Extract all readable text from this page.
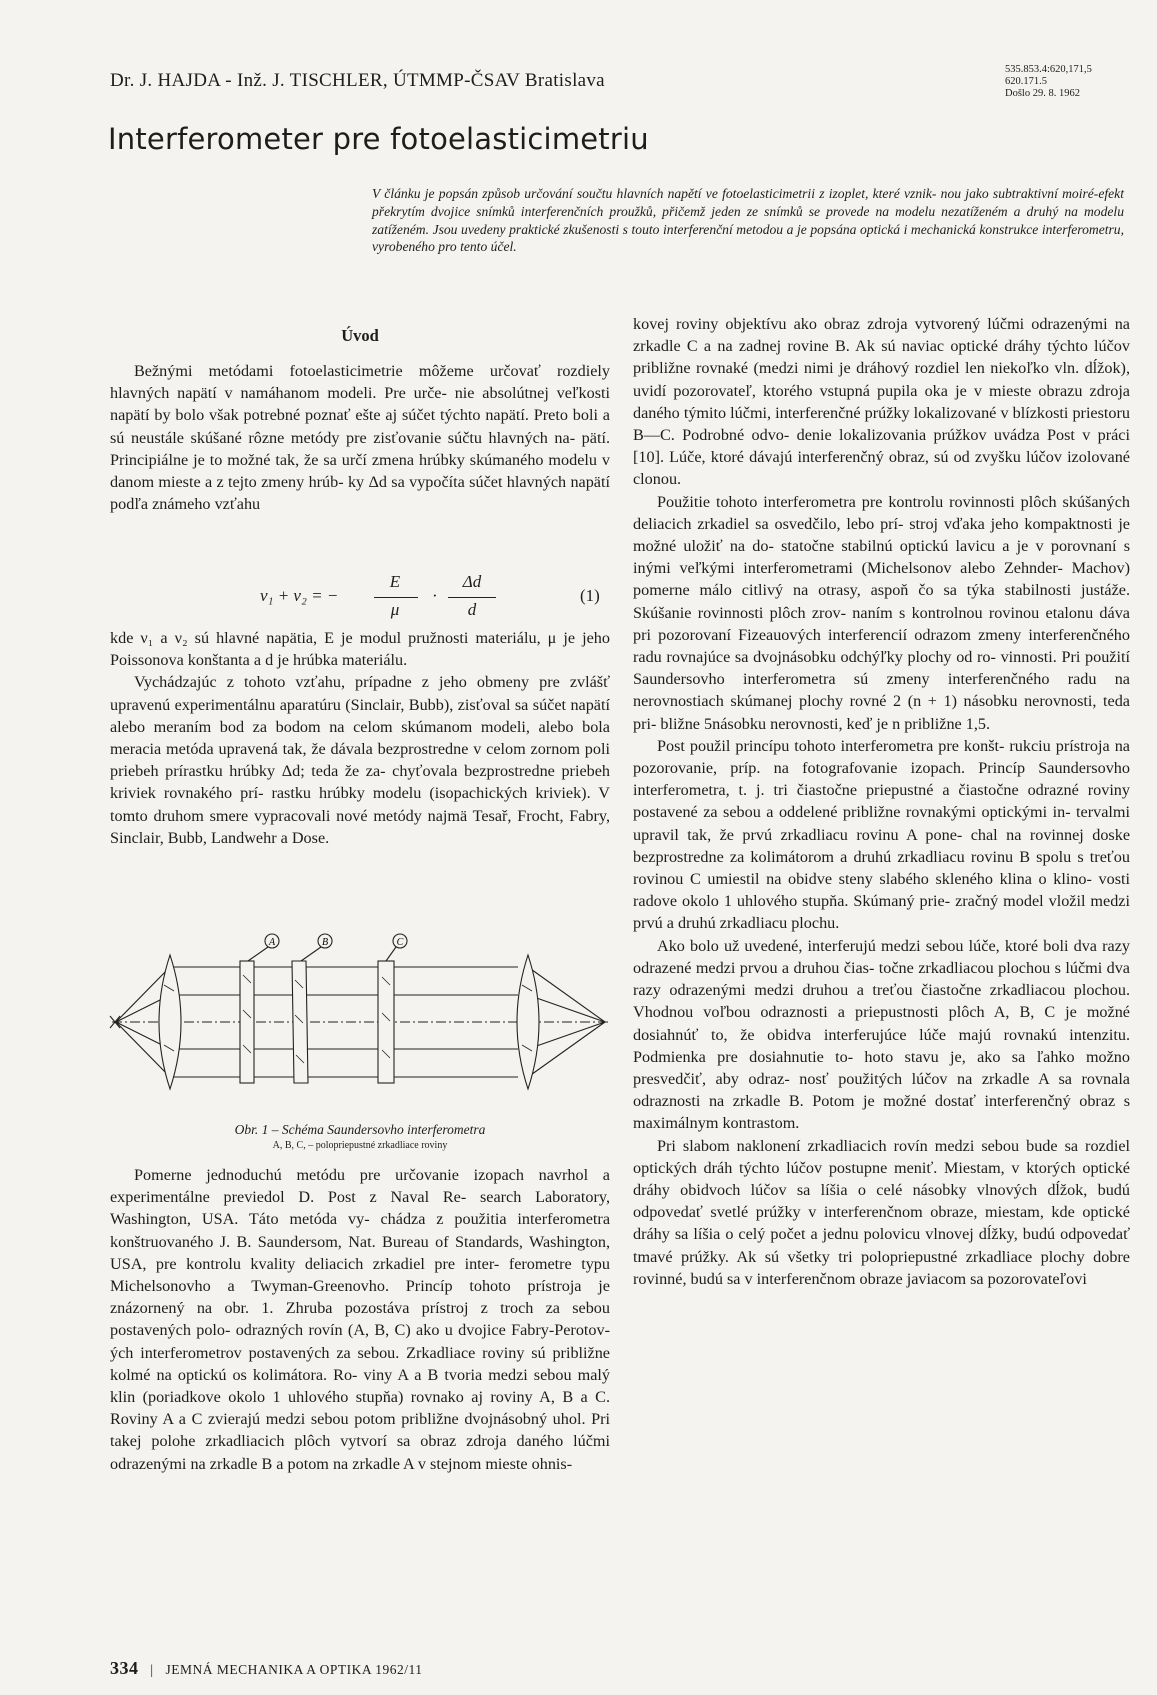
Dr. J. HAJDA - Inž. J. TISCHLER, ÚTMMP-ČSAV Bratislava
535.853.4:620,171,5
620.171.5
Došlo 29. 8. 1962
Interferometer pre fotoelasticimetriu
V článku je popsán způsob určování součtu hlavních napětí ve fotoelasticimetrii z izoplet, které vznik- nou jako subtraktivní moiré-efekt překrytím dvojice snímků interferenčních proužků, přičemž jeden ze snímků se provede na modelu nezatíženém a druhý na modelu zatíženém. Jsou uvedeny praktické zkušenosti s touto interferenční metodou a je popsána optická i mechanická konstrukce interferometru, vyrobeného pro tento účel.
Úvod

Bežnými metódami fotoelasticimetrie môžeme určovať rozdiely hlavných napätí v namáhanom modeli. Pre urče- nie absolútnej veľkosti napätí by bolo však potrebné poznať ešte aj súčet týchto napätí. Preto boli a sú neustále skúšané rôzne metódy pre zisťovanie súčtu hlavných na- pätí. Principiálne je to možné tak, že sa určí zmena hrúbky skúmaného modelu v danom mieste a z tejto zmeny hrúb- ky Δd sa vypočíta súčet hlavných napätí podľa známeho vzťahu

ν₁ + ν₂ = −
E
μ
·
Δd
d
(1)

kde ν₁ a ν₂ sú hlavné napätia, E je modul pružnosti materiálu, μ je jeho Poissonova konštanta a d je hrúbka materiálu.

Vychádzajúc z tohoto vzťahu, prípadne z jeho obmeny pre zvlášť upravenú experimentálnu aparatúru (Sinclair, Bubb), zisťoval sa súčet napätí alebo meraním bod za bodom na celom skúmanom modeli, alebo bola meracia metóda upravená tak, že dávala bezprostredne v celom zornom poli priebeh prírastku hrúbky Δd; teda že za- chyťovala bezprostredne priebeh kriviek rovnakého prí- rastku hrúbky modelu (isopachických kriviek). V tomto druhom smere vypracovali nové metódy najmä Tesař, Frocht, Fabry, Sinclair, Bubb, Landwehr a Dose.

A	B	C
Obr. 1 – Schéma Saundersovho interferometra
A, B, C, – polopriepustné zrkadliace roviny

Pomerne jednoduchú metódu pre určovanie izopach navrhol a experimentálne previedol D. Post z Naval Re- search Laboratory, Washington, USA. Táto metóda vy- chádza z použitia interferometra konštruovaného J. B. Saundersom, Nat. Bureau of Standards, Washington, USA, pre kontrolu kvality deliacich zrkadiel pre inter- ferometre typu Michelsonovho a Twyman-Greenovho. Princíp tohoto prístroja je znázornený na obr. 1. Zhruba pozostáva prístroj z troch za sebou postavených polo- odrazných rovín (A, B, C) ako u dvojice Fabry-Perotov- ých interferometrov postavených za sebou. Zrkadliace roviny sú približne kolmé na optickú os kolimátora. Ro- viny A a B tvoria medzi sebou malý klin (poriadkove okolo 1 uhlového stupňa) rovnako aj roviny A, B a C. Roviny A a C zvierajú medzi sebou potom približne dvojnásobný uhol. Pri takej polohe zrkadliacich plôch vytvorí sa obraz zdroja daného lúčmi odrazenými na zrkadle B a potom na zrkadle A v stejnom mieste ohnis-

kovej roviny objektívu ako obraz zdroja vytvorený lúčmi odrazenými na zrkadle C a na zadnej rovine B. Ak sú naviac optické dráhy týchto lúčov približne rovnaké (medzi nimi je dráhový rozdiel len niekoľko vln. dĺžok), uvidí pozorovateľ, ktorého vstupná pupila oka je v mieste obrazu zdroja daného týmito lúčmi, interferenčné prúžky lokalizované v blízkosti priestoru B—C. Podrobné odvo- denie lokalizovania prúžkov uvádza Post v práci [10]. Lúče, ktoré dávajú interferenčný obraz, sú od zvyšku lúčov izolované clonou.

Použitie tohoto interferometra pre kontrolu rovinnosti plôch skúšaných deliacich zrkadiel sa osvedčilo, lebo prí- stroj vďaka jeho kompaktnosti je možné uložiť na do- statočne stabilnú optickú lavicu a je v porovnaní s inými veľkými interferometrami (Michelsonov alebo Zehnder- Machov) pomerne málo citlivý na otrasy, aspoň čo sa týka stabilnosti justáže. Skúšanie rovinnosti plôch zrov- naním s kontrolnou rovinou etalonu dáva pri pozorovaní Fizeauových interferencií odrazom zmeny interferenčného radu rovnajúce sa dvojnásobku odchýľky plochy od ro- vinnosti. Pri použití Saundersovho interferometra sú zmeny interferenčného radu na nerovnostiach skúmanej plochy rovné 2 (n + 1) násobku nerovnosti, teda pri- bližne 5násobku nerovnosti, keď je n približne 1,5.

Post použil princípu tohoto interferometra pre konšt- rukciu prístroja na pozorovanie, príp. na fotografovanie izopach. Princíp Saundersovho interferometra, t. j. tri čiastočne priepustné a čiastočne odrazné roviny postavené za sebou a oddelené približne rovnakými optickými in- tervalmi upravil tak, že prvú zrkadliacu rovinu A pone- chal na rovinnej doske bezprostredne za kolimátorom a druhú zrkadliacu rovinu B spolu s treťou rovinou C umiestil na obidve steny slabého skleného klina o klino- vosti radove okolo 1 uhlového stupňa. Skúmaný prie- zračný model vložil medzi prvú a druhú zrkadliacu plochu.

Ako bolo už uvedené, interferujú medzi sebou lúče, ktoré boli dva razy odrazené medzi prvou a druhou čias- točne zrkadliacou plochou s lúčmi dva razy odrazenými medzi druhou a treťou čiastočne zrkadliacou plochou. Vhodnou voľbou odraznosti a priepustnosti plôch A, B, C je možné dosiahnúť to, že obidva interferujúce lúče majú rovnakú intenzitu. Podmienka pre dosiahnutie to- hoto stavu je, ako sa ľahko možno presvedčiť, aby odraz- nosť použitých lúčov na zrkadle A sa rovnala odraznosti na zrkadle B. Potom je možné dostať interferenčný obraz s maximálnym kontrastom.

Pri slabom naklonení zrkadliacich rovín medzi sebou bude sa rozdiel optických dráh týchto lúčov postupne meniť. Miestam, v ktorých optické dráhy obidvoch lúčov sa líšia o celé násobky vlnových dĺžok, budú odpovedať svetlé prúžky v interferenčnom obraze, miestam, kde optické dráhy sa líšia o celý počet a jednu polovicu vlnovej dĺžky, budú odpovedať tmavé prúžky. Ak sú všetky tri polopriepustné zrkadliace plochy dobre rovinné, budú sa v interferenčnom obraze javiacom sa pozorovateľovi

334 | JEMNÁ MECHANIKA A OPTIKA 1962/11
